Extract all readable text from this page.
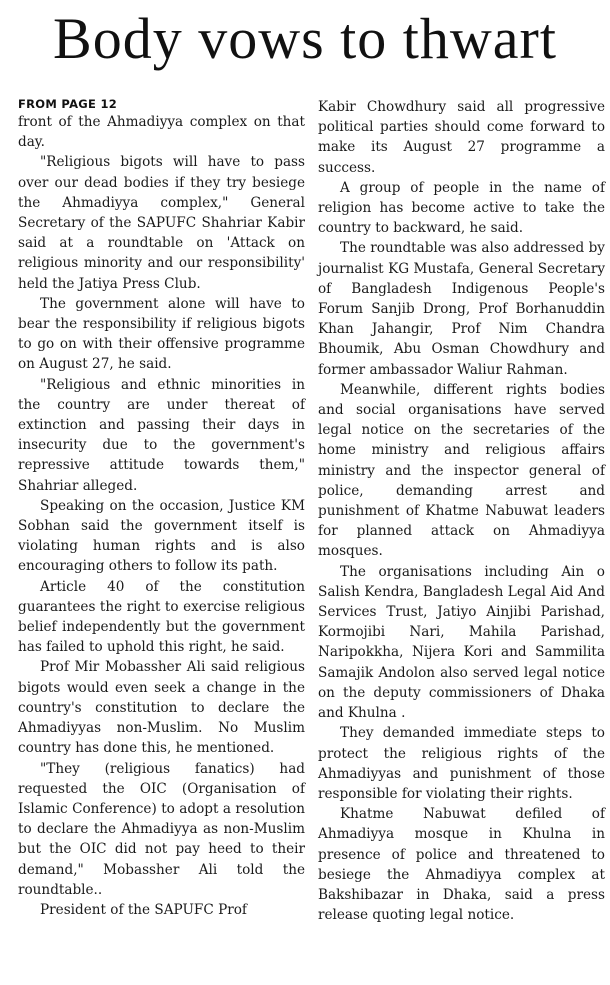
Body vows to thwart
FROM PAGE 12

front of the Ahmadiyya complex on that day.

"Religious bigots will have to pass over our dead bodies if they try besiege the Ahmadiyya complex," General Secretary of the SAPUFC Shahriar Kabir said at a roundtable on 'Attack on religious minority and our responsibility' held the Jatiya Press Club.

The government alone will have to bear the responsibility if religious bigots to go on with their offensive programme on August 27, he said.

"Religious and ethnic minorities in the country are under thereat of extinction and passing their days in insecurity due to the government's repressive attitude towards them," Shahriar alleged.

Speaking on the occasion, Justice KM Sobhan said the government itself is violating human rights and is also encouraging others to follow its path.

Article 40 of the constitution guarantees the right to exercise religious belief independently but the government has failed to uphold this right, he said.

Prof Mir Mobassher Ali said religious bigots would even seek a change in the country's constitution to declare the Ahmadiyyas non-Muslim. No Muslim country has done this, he mentioned.

"They (religious fanatics) had requested the OIC (Organisation of Islamic Conference) to adopt a resolution to declare the Ahmadiyya as non-Muslim but the OIC did not pay heed to their demand," Mobassher Ali told the roundtable..

President of the SAPUFC Prof

Kabir Chowdhury said all progressive political parties should come forward to make its August 27 programme a success.

A group of people in the name of religion has become active to take the country to backward, he said.

The roundtable was also addressed by journalist KG Mustafa, General Secretary of Bangladesh Indigenous People's Forum Sanjib Drong, Prof Borhanuddin Khan Jahangir, Prof Nim Chandra Bhoumik, Abu Osman Chowdhury and former ambassador Waliur Rahman.

Meanwhile, different rights bodies and social organisations have served legal notice on the secretaries of the home ministry and religious affairs ministry and the inspector general of police, demanding arrest and punishment of Khatme Nabuwat leaders for planned attack on Ahmadiyya mosques.

The organisations including Ain o Salish Kendra, Bangladesh Legal Aid And Services Trust, Jatiyo Ainjibi Parishad, Kormojibi Nari, Mahila Parishad, Naripokkha, Nijera Kori and Sammilita Samajik Andolon also served legal notice on the deputy commissioners of Dhaka and Khulna .

They demanded immediate steps to protect the religious rights of the Ahmadiyyas and punishment of those responsible for violating their rights.

Khatme Nabuwat defiled of Ahmadiyya mosque in Khulna in presence of police and threatened to besiege the Ahmadiyya complex at Bakshibazar in Dhaka, said a press release quoting legal notice.
